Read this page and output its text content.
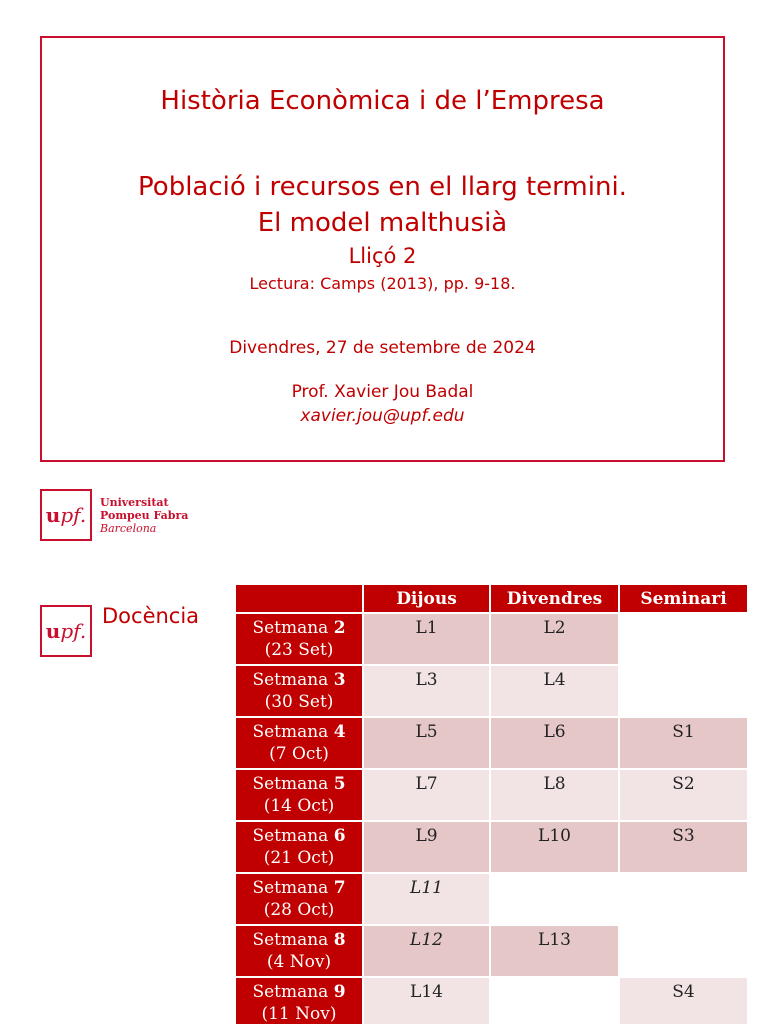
Història Econòmica i de l’Empresa
Població i recursos en el llarg termini.
El model malthusià
Lliçó 2
Lectura: Camps (2013), pp. 9-18.
Divendres, 27 de setembre de 2024
Prof. Xavier Jou Badal
xavier.jou@upf.edu
u pf.
Universitat
Pompeu Fabra
Barcelona
u pf.
Docència
	Dijous	Divendres	Seminari

Setmana 2
(23 Set)	L1	L2	

Setmana 3
(30 Set)	L3	L4	

Setmana 4
(7 Oct)	L5	L6	S1

Setmana 5
(14 Oct)	L7	L8	S2

Setmana 6
(21 Oct)	L9	L10	S3

Setmana 7
(28 Oct)	L11		

Setmana 8
(4 Nov)	L12	L13	

Setmana 9
(11 Nov)	L14		S4
